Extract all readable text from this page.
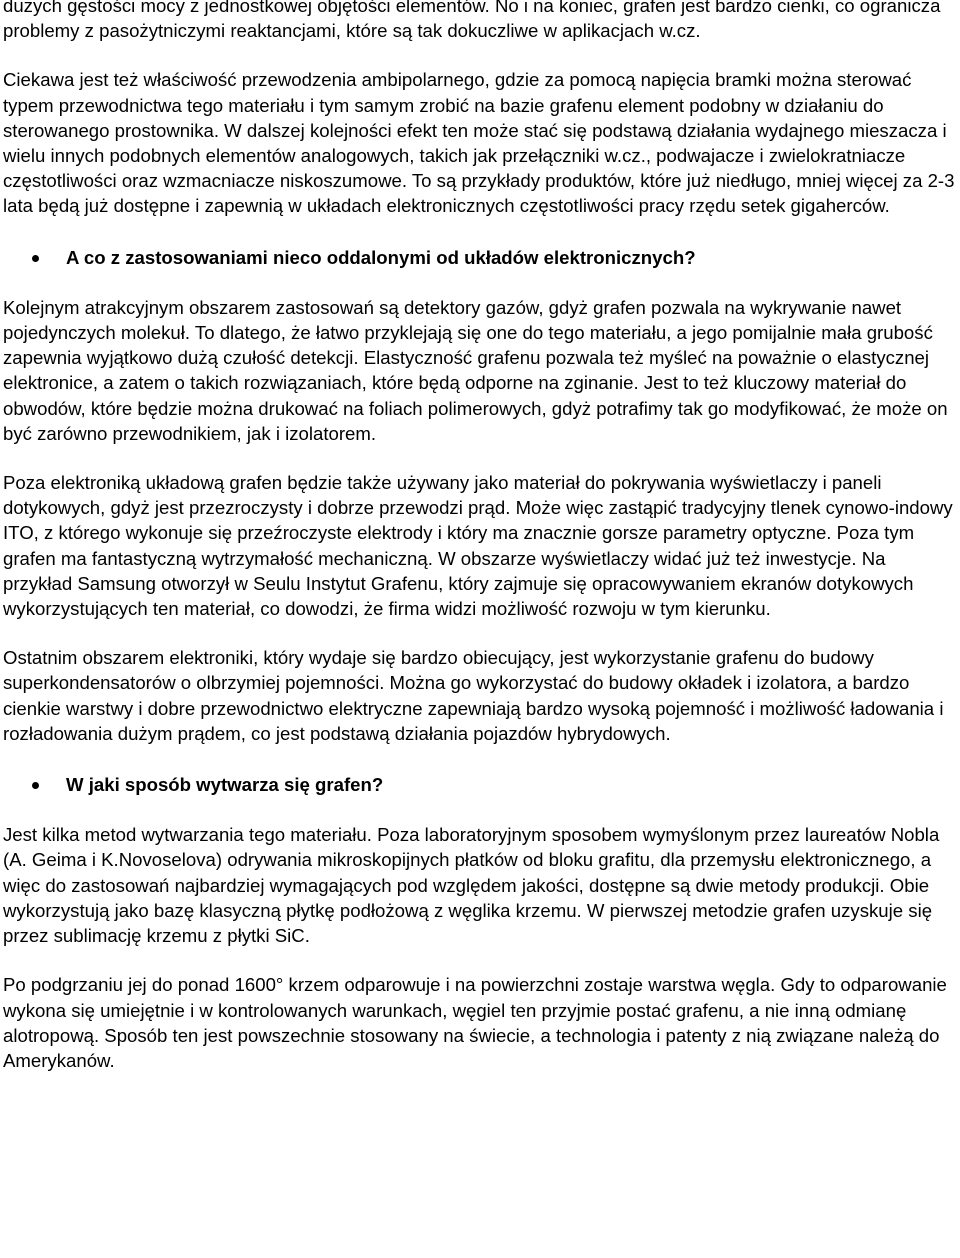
dużych gęstości mocy z jednostkowej objętości elementów. No i na koniec, grafen jest bardzo cienki, co ogranicza problemy z pasożytniczymi reaktancjami, które są tak dokuczliwe w aplikacjach w.cz.

Ciekawa jest też właściwość przewodzenia ambipolarnego, gdzie za pomocą napięcia bramki można sterować typem przewodnictwa tego materiału i tym samym zrobić na bazie grafenu element podobny w działaniu do sterowanego prostownika. W dalszej kolejności efekt ten może stać się podstawą działania wydajnego mieszacza i wielu innych podobnych elementów analogowych, takich jak przełączniki w.cz., podwajacze i zwielokratniacze częstotliwości oraz wzmacniacze niskoszumowe. To są przykłady produktów, które już niedługo, mniej więcej za 2-3 lata będą już dostępne i zapewnią w układach elektronicznych częstotliwości pracy rzędu setek gigaherców.

A co z zastosowaniami nieco oddalonymi od układów elektronicznych?

Kolejnym atrakcyjnym obszarem zastosowań są detektory gazów, gdyż grafen pozwala na wykrywanie nawet pojedynczych molekuł. To dlatego, że łatwo przyklejają się one do tego materiału, a jego pomijalnie mała grubość zapewnia wyjątkowo dużą czułość detekcji. Elastyczność grafenu pozwala też myśleć na poważnie o elastycznej elektronice, a zatem o takich rozwiązaniach, które będą odporne na zginanie. Jest to też kluczowy materiał do obwodów, które będzie można drukować na foliach polimerowych, gdyż potrafimy tak go modyfikować, że może on być zarówno przewodnikiem, jak i izolatorem.

Poza elektroniką układową grafen będzie także używany jako materiał do pokrywania wyświetlaczy i paneli dotykowych, gdyż jest przezroczysty i dobrze przewodzi prąd. Może więc zastąpić tradycyjny tlenek cynowo-indowy ITO, z którego wykonuje się przeźroczyste elektrody i który ma znacznie gorsze parametry optyczne. Poza tym grafen ma fantastyczną wytrzymałość mechaniczną. W obszarze wyświetlaczy widać już też inwestycje. Na przykład Samsung otworzył w Seulu Instytut Grafenu, który zajmuje się opracowywaniem ekranów dotykowych wykorzystujących ten materiał, co dowodzi, że firma widzi możliwość rozwoju w tym kierunku.

Ostatnim obszarem elektroniki, który wydaje się bardzo obiecujący, jest wykorzystanie grafenu do budowy superkondensatorów o olbrzymiej pojemności. Można go wykorzystać do budowy okładek i izolatora, a bardzo cienkie warstwy i dobre przewodnictwo elektryczne zapewniają bardzo wysoką pojemność i możliwość ładowania i rozładowania dużym prądem, co jest podstawą działania pojazdów hybrydowych.

W jaki sposób wytwarza się grafen?

Jest kilka metod wytwarzania tego materiału. Poza laboratoryjnym sposobem wymyślonym przez laureatów Nobla (A. Geima i K.Novoselova) odrywania mikroskopijnych płatków od bloku grafitu, dla przemysłu elektronicznego, a więc do zastosowań najbardziej wymagających pod względem jakości, dostępne są dwie metody produkcji. Obie wykorzystują jako bazę klasyczną płytkę podłożową z węglika krzemu. W pierwszej metodzie grafen uzyskuje się przez sublimację krzemu z płytki SiC.

Po podgrzaniu jej do ponad 1600° krzem odparowuje i na powierzchni zostaje warstwa węgla. Gdy to odparowanie wykona się umiejętnie i w kontrolowanych warunkach, węgiel ten przyjmie postać grafenu, a nie inną odmianę alotropową. Sposób ten jest powszechnie stosowany na świecie, a technologia i patenty z nią związane należą do Amerykanów.
